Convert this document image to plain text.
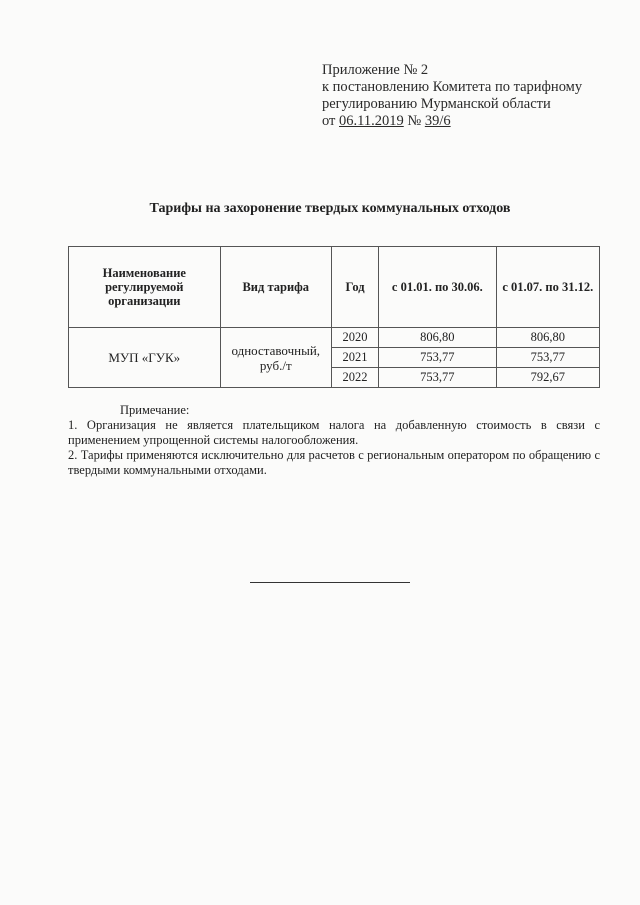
Приложение № 2
к постановлению Комитета по тарифному
регулированию Мурманской области
от 06.11.2019 № 39/6
Тарифы на захоронение твердых коммунальных отходов
Наименование регулируемой организации	Вид тарифа	Год	с 01.01. по 30.06.	с 01.07. по 31.12.
МУП «ГУК»	одноставочный, руб./т	2020	806,80	806,80
		2021	753,77	753,77
		2022	753,77	792,67
Примечание:
1. Организация не является плательщиком налога на добавленную стоимость в связи с применением упрощенной системы налогообложения.
2. Тарифы применяются исключительно для расчетов с региональным оператором по обращению с твердыми коммунальными отходами.
